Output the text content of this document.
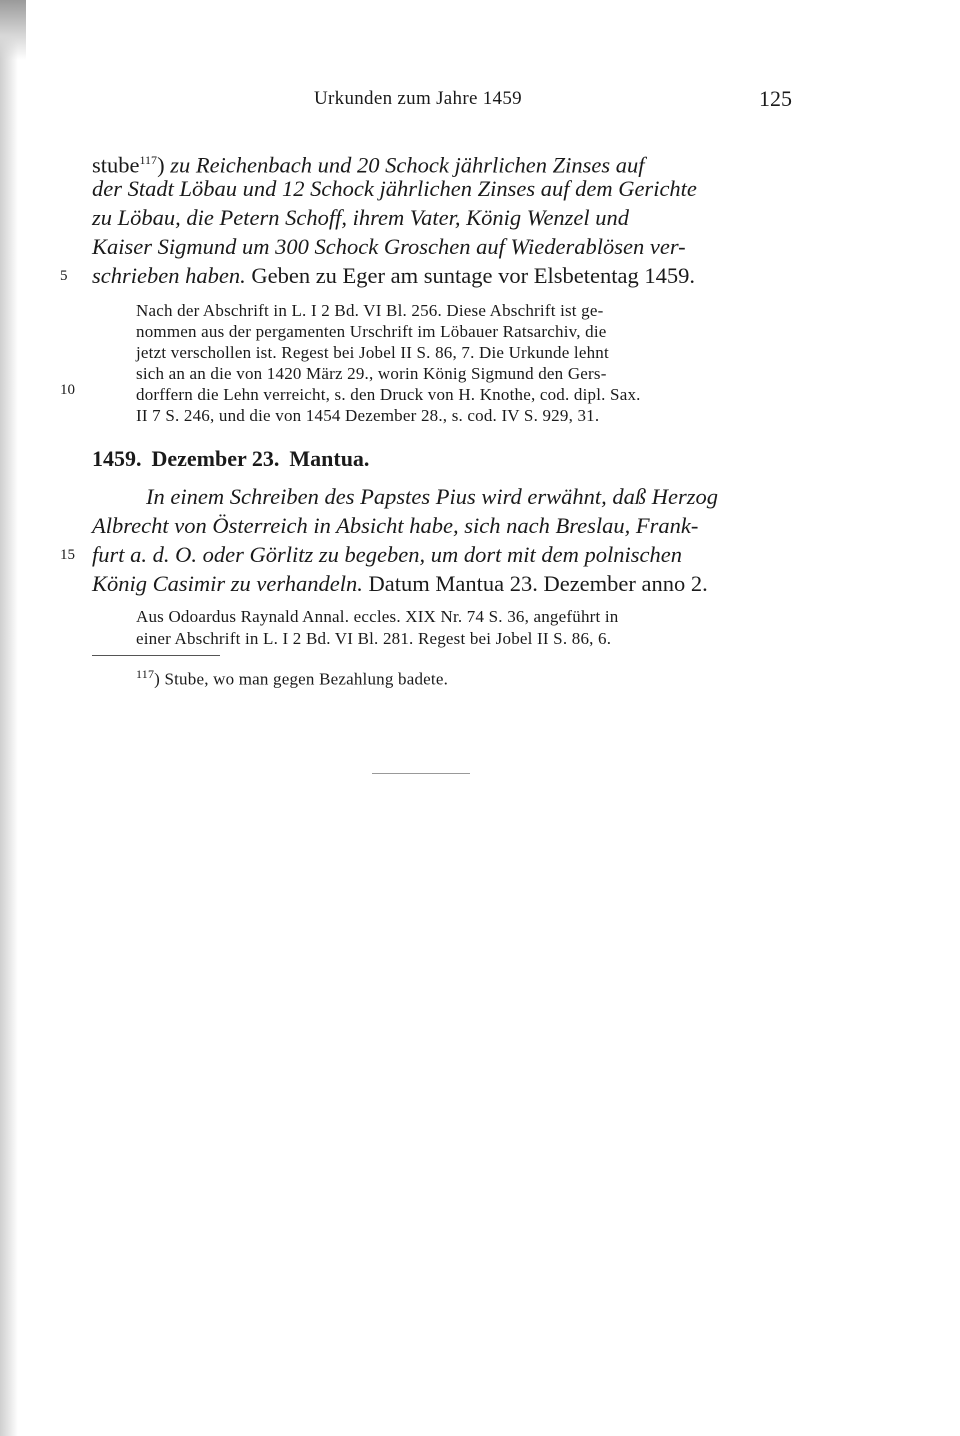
Urkunden zum Jahre 1459	125
stube$^{117}$) zu Reichenbach und 20 Schock jährlichen Zinses auf
der Stadt Löbau und 12 Schock jährlichen Zinses auf dem Gerichte
zu Löbau, die Petern Schoff, ihrem Vater, König Wenzel und
Kaiser Sigmund um 300 Schock Groschen auf Wiederablösen ver-
schrieben haben. Geben zu Eger am suntage vor Elsbetentag 1459.
5
Nach der Abschrift in L. I 2 Bd. VI Bl. 256. Diese Abschrift ist ge-
nommen aus der pergamenten Urschrift im Löbauer Ratsarchiv, die
jetzt verschollen ist. Regest bei Jobel II S. 86, 7. Die Urkunde lehnt
sich an an die von 1420 März 29., worin König Sigmund den Gers-
dorffern die Lehn verreicht, s. den Druck von H. Knothe, cod. dipl. Sax.
II 7 S. 246, und die von 1454 Dezember 28., s. cod. IV S. 929, 31.
10
1459. Dezember 23. Mantua.
In einem Schreiben des Papstes Pius wird erwähnt, daß Herzog
Albrecht von Österreich in Absicht habe, sich nach Breslau, Frank-
furt a. d. O. oder Görlitz zu begeben, um dort mit dem polnischen
König Casimir zu verhandeln. Datum Mantua 23. Dezember anno 2.
15
Aus Odoardus Raynald Annal. eccles. XIX Nr. 74 S. 36, angeführt in
einer Abschrift in L. I 2 Bd. VI Bl. 281. Regest bei Jobel II S. 86, 6.
$^{117}$) Stube, wo man gegen Bezahlung badete.
